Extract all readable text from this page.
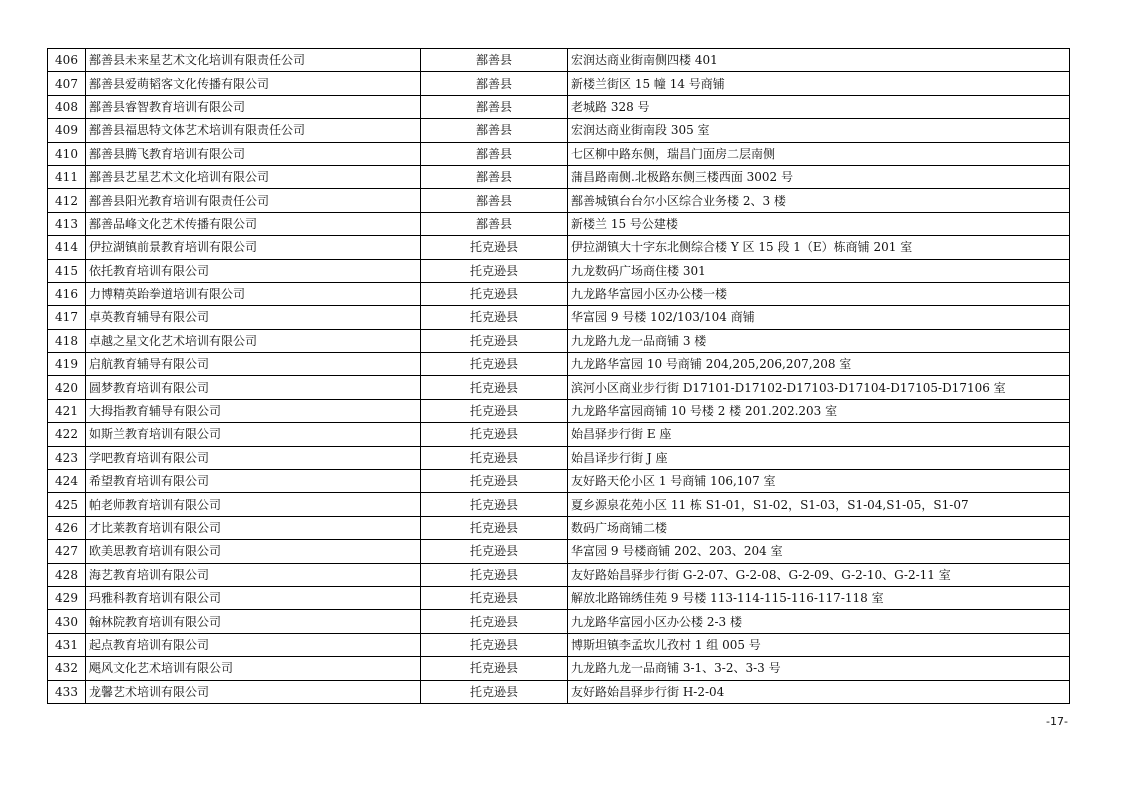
406	鄯善县未来星艺术文化培训有限责任公司	鄯善县	宏润达商业街南侧四楼 401
407	鄯善县爱萌韬客文化传播有限公司	鄯善县	新楼兰街区 15 幢 14 号商铺
408	鄯善县睿智教育培训有限公司	鄯善县	老城路 328 号
409	鄯善县福思特文体艺术培训有限责任公司	鄯善县	宏润达商业街南段 305 室
410	鄯善县腾飞教育培训有限公司	鄯善县	七区柳中路东侧，瑞昌门面房二层南侧
411	鄯善县艺星艺术文化培训有限公司	鄯善县	蒲昌路南侧.北极路东侧三楼西面 3002 号
412	鄯善县阳光教育培训有限责任公司	鄯善县	鄯善城镇台台尔小区综合业务楼 2、3 楼
413	鄯善品峰文化艺术传播有限公司	鄯善县	新楼兰 15 号公建楼
414	伊拉湖镇前景教育培训有限公司	托克逊县	伊拉湖镇大十字东北侧综合楼 Y 区 15 段 1（E）栋商铺 201 室
415	依托教育培训有限公司	托克逊县	九龙数码广场商住楼 301
416	力博精英跆拳道培训有限公司	托克逊县	九龙路华富园小区办公楼一楼
417	卓英教育辅导有限公司	托克逊县	华富园 9 号楼 102/103/104 商铺
418	卓越之星文化艺术培训有限公司	托克逊县	九龙路九龙一品商铺 3 楼
419	启航教育辅导有限公司	托克逊县	九龙路华富园 10 号商铺 204,205,206,207,208 室
420	圆梦教育培训有限公司	托克逊县	滨河小区商业步行街 D17101-D17102-D17103-D17104-D17105-D17106 室
421	大拇指教育辅导有限公司	托克逊县	九龙路华富园商铺 10 号楼 2 楼 201.202.203 室
422	如斯兰教育培训有限公司	托克逊县	始昌驿步行街 E 座
423	学吧教育培训有限公司	托克逊县	始昌译步行街 J 座
424	希望教育培训有限公司	托克逊县	友好路天伦小区 1 号商铺 106,107 室
425	帕老师教育培训有限公司	托克逊县	夏乡源泉花苑小区 11 栋 S1-01，S1-02，S1-03，S1-04,S1-05，S1-07
426	才比莱教育培训有限公司	托克逊县	数码广场商铺二楼
427	欧美思教育培训有限公司	托克逊县	华富园 9 号楼商铺 202、203、204 室
428	海艺教育培训有限公司	托克逊县	友好路始昌驿步行街 G-2-07、G-2-08、G-2-09、G-2-10、G-2-11 室
429	玛雅科教育培训有限公司	托克逊县	解放北路锦绣佳苑 9 号楼 113-114-115-116-117-118 室
430	翰林院教育培训有限公司	托克逊县	九龙路华富园小区办公楼 2-3 楼
431	起点教育培训有限公司	托克逊县	博斯坦镇李孟坎儿孜村 1 组 005 号
432	飓风文化艺术培训有限公司	托克逊县	九龙路九龙一品商铺 3-1、3-2、3-3 号
433	龙馨艺术培训有限公司	托克逊县	友好路始昌驿步行街 H-2-04
-17-
